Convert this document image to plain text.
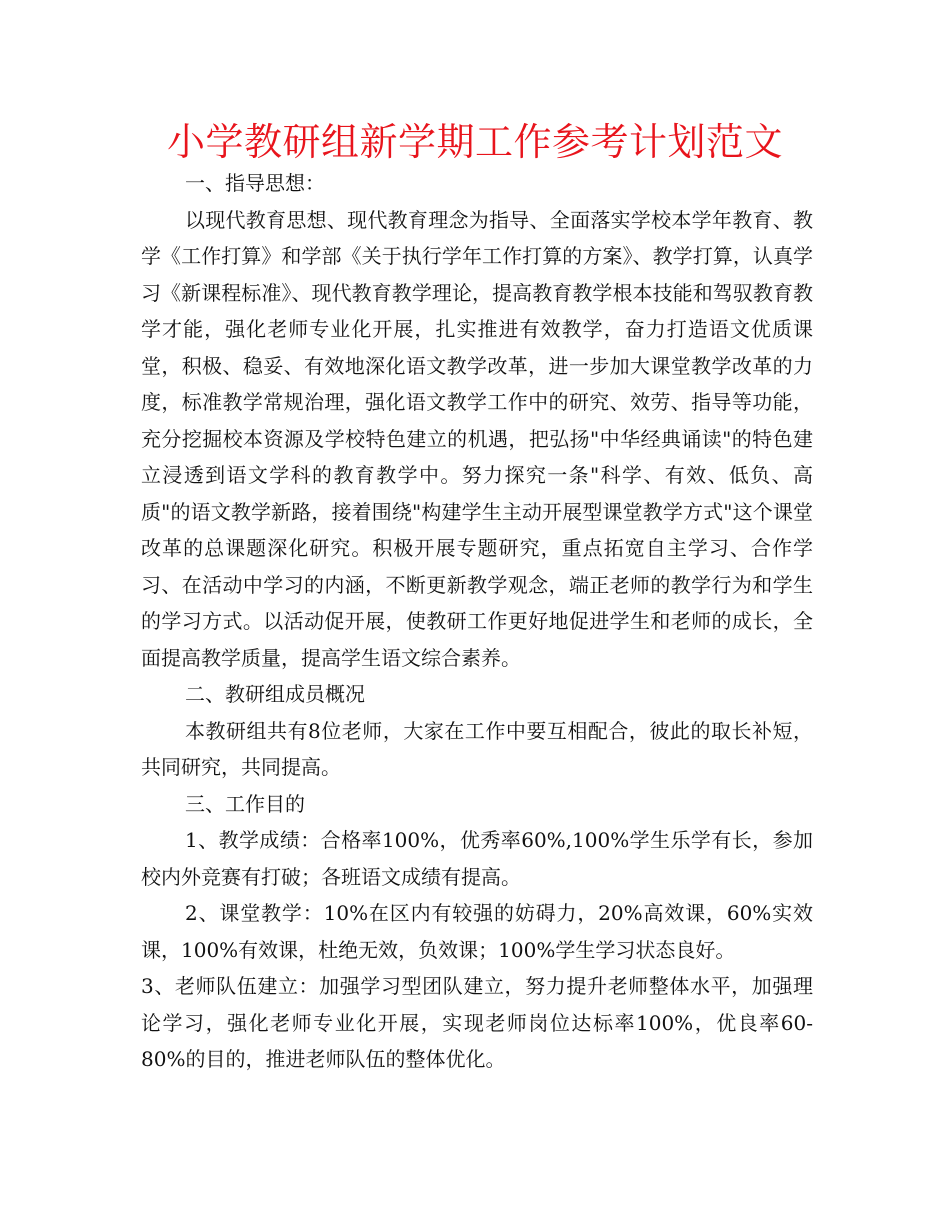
小学教研组新学期工作参考计划范文

一、指导思想：

以现代教育思想、现代教育理念为指导、全面落实学校本学年教育、教学《工作打算》和学部《关于执行学年工作打算的方案》、教学打算，认真学习《新课程标准》、现代教育教学理论，提高教育教学根本技能和驾驭教育教学才能，强化老师专业化开展，扎实推进有效教学，奋力打造语文优质课堂，积极、稳妥、有效地深化语文教学改革，进一步加大课堂教学改革的力度，标准教学常规治理，强化语文教学工作中的研究、效劳、指导等功能，充分挖掘校本资源及学校特色建立的机遇，把弘扬"中华经典诵读"的特色建立浸透到语文学科的教育教学中。努力探究一条"科学、有效、低负、高质"的语文教学新路，接着围绕"构建学生主动开展型课堂教学方式"这个课堂改革的总课题深化研究。积极开展专题研究，重点拓宽自主学习、合作学习、在活动中学习的内涵，不断更新教学观念，端正老师的教学行为和学生的学习方式。以活动促开展，使教研工作更好地促进学生和老师的成长，全面提高教学质量，提高学生语文综合素养。

二、教研组成员概况

本教研组共有8位老师，大家在工作中要互相配合，彼此的取长补短，共同研究，共同提高。

三、工作目的

1、教学成绩：合格率100%，优秀率60%,100%学生乐学有长，参加校内外竞赛有打破；各班语文成绩有提高。

2、课堂教学：10%在区内有较强的妨碍力，20%高效课，60%实效课，100%有效课，杜绝无效，负效课；100%学生学习状态良好。

3、老师队伍建立：加强学习型团队建立，努力提升老师整体水平，加强理论学习，强化老师专业化开展，实现老师岗位达标率100%，优良率60-80%的目的，推进老师队伍的整体优化。
